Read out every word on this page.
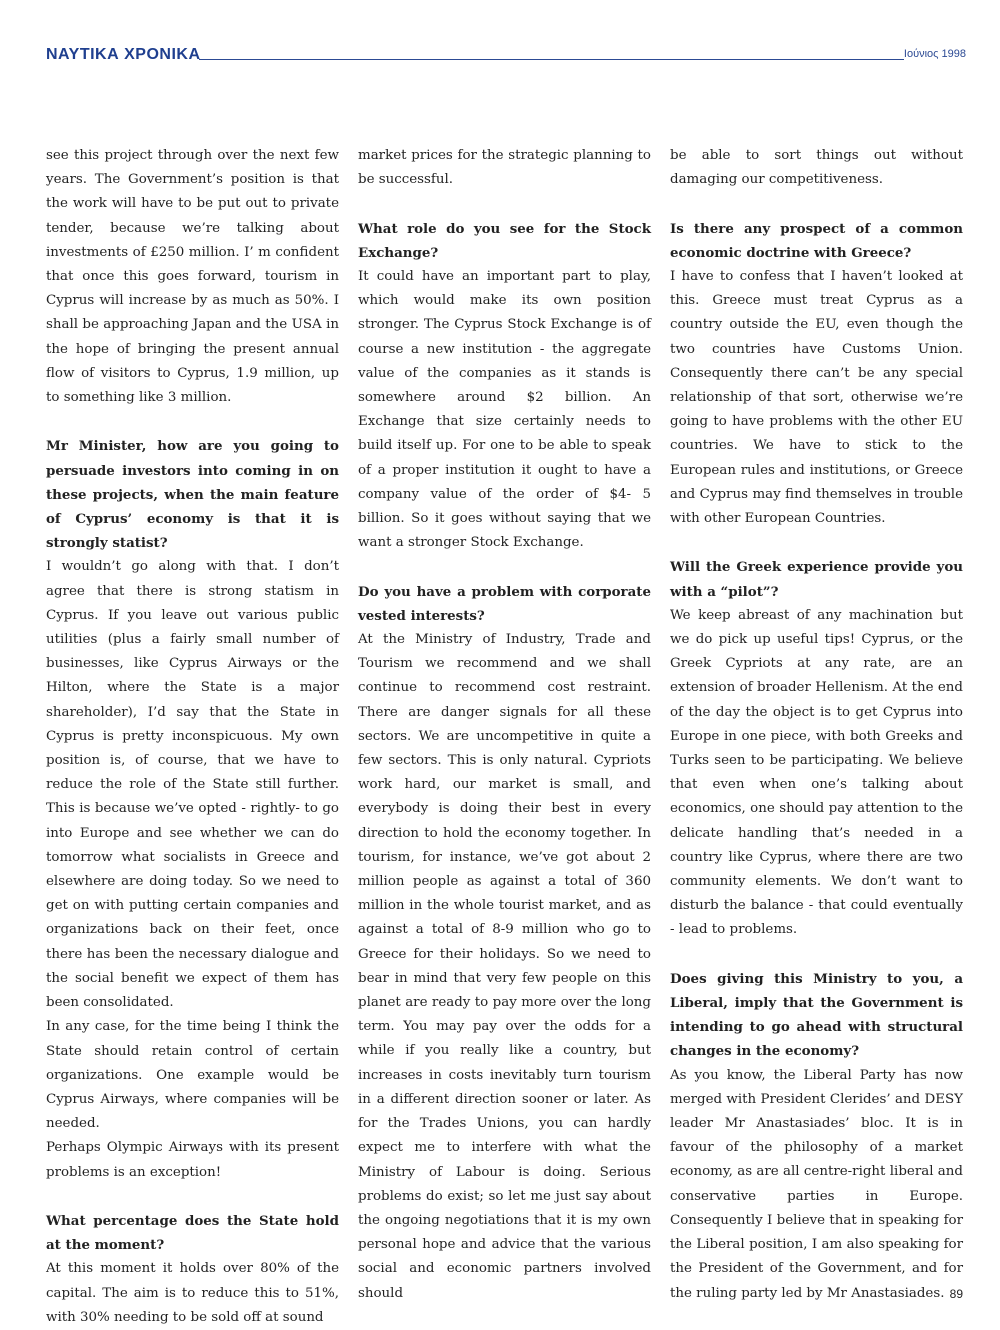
ΝΑΥΤΙΚΑ ΧΡΟΝΙΚΑ	Ιούνιος 1998

see this project through over the next few years. The Government’s position is that the work will have to be put out to private tender, because we’re talking about investments of £250 million. I’ m confident that once this goes forward, tourism in Cyprus will increase by as much as 50%. I shall be approaching Japan and the USA in the hope of bringing the present annual flow of visitors to Cyprus, 1.9 million, up to something like 3 million.

Mr Minister, how are you going to persuade investors into coming in on these projects, when the main feature of Cyprus’ economy is that it is strongly statist?

I wouldn’t go along with that. I don’t agree that there is strong statism in Cyprus. If you leave out various public utilities (plus a fairly small number of businesses, like Cyprus Airways or the Hilton, where the State is a major shareholder), I’d say that the State in Cyprus is pretty inconspicuous. My own position is, of course, that we have to reduce the role of the State still further. This is because we’ve opted - rightly- to go into Europe and see whether we can do tomorrow what socialists in Greece and elsewhere are doing today. So we need to get on with putting certain companies and organizations back on their feet, once there has been the necessary dialogue and the social benefit we expect of them has been consolidated.

In any case, for the time being I think the State should retain control of certain organizations. One example would be Cyprus Airways, where companies will be needed.

Perhaps Olympic Airways with its present problems is an exception!

What percentage does the State hold at the moment?

At this moment it holds over 80% of the capital. The aim is to reduce this to 51%, with 30% needing to be sold off at sound

market prices for the strategic planning to be successful.

What role do you see for the Stock Exchange?

It could have an important part to play, which would make its own position stronger. The Cyprus Stock Exchange is of course a new institution - the aggregate value of the companies as it stands is somewhere around $2 billion. An Exchange that size certainly needs to build itself up. For one to be able to speak of a proper institution it ought to have a company value of the order of $4- 5 billion. So it goes without saying that we want a stronger Stock Exchange.

Do you have a problem with corporate vested interests?

At the Ministry of Industry, Trade and Tourism we recommend and we shall continue to recommend cost restraint. There are danger signals for all these sectors. We are uncompetitive in quite a few sectors. This is only natural. Cypriots work hard, our market is small, and everybody is doing their best in every direction to hold the economy together. In tourism, for instance, we’ve got about 2 million people as against a total of 360 million in the whole tourist market, and as against a total of 8-9 million who go to Greece for their holidays. So we need to bear in mind that very few people on this planet are ready to pay more over the long term. You may pay over the odds for a while if you really like a country, but increases in costs inevitably turn tourism in a different direction sooner or later. As for the Trades Unions, you can hardly expect me to interfere with what the Ministry of Labour is doing. Serious problems do exist; so let me just say about the ongoing negotiations that it is my own personal hope and advice that the various social and economic partners involved should

be able to sort things out without damaging our competitiveness.

Is there any prospect of a common economic doctrine with Greece?

I have to confess that I haven’t looked at this. Greece must treat Cyprus as a country outside the EU, even though the two countries have Customs Union. Consequently there can’t be any special relationship of that sort, otherwise we’re going to have problems with the other EU countries. We have to stick to the European rules and institutions, or Greece and Cyprus may find themselves in trouble with other European Countries.

Will the Greek experience provide you with a “pilot”?

We keep abreast of any machination but we do pick up useful tips! Cyprus, or the Greek Cypriots at any rate, are an extension of broader Hellenism. At the end of the day the object is to get Cyprus into Europe in one piece, with both Greeks and Turks seen to be participating. We believe that even when one’s talking about economics, one should pay attention to the delicate handling that’s needed in a country like Cyprus, where there are two community elements. We don’t want to disturb the balance - that could eventually - lead to problems.

Does giving this Ministry to you, a Liberal, imply that the Government is intending to go ahead with structural changes in the economy?

As you know, the Liberal Party has now merged with President Clerides’ and DESY leader Mr Anastasiades’ bloc. It is in favour of the philosophy of a market economy, as are all centre-right liberal and conservative parties in Europe. Consequently I believe that in speaking for the Liberal position, I am also speaking for the President of the Government, and for the ruling party led by Mr Anastasiades. 89
